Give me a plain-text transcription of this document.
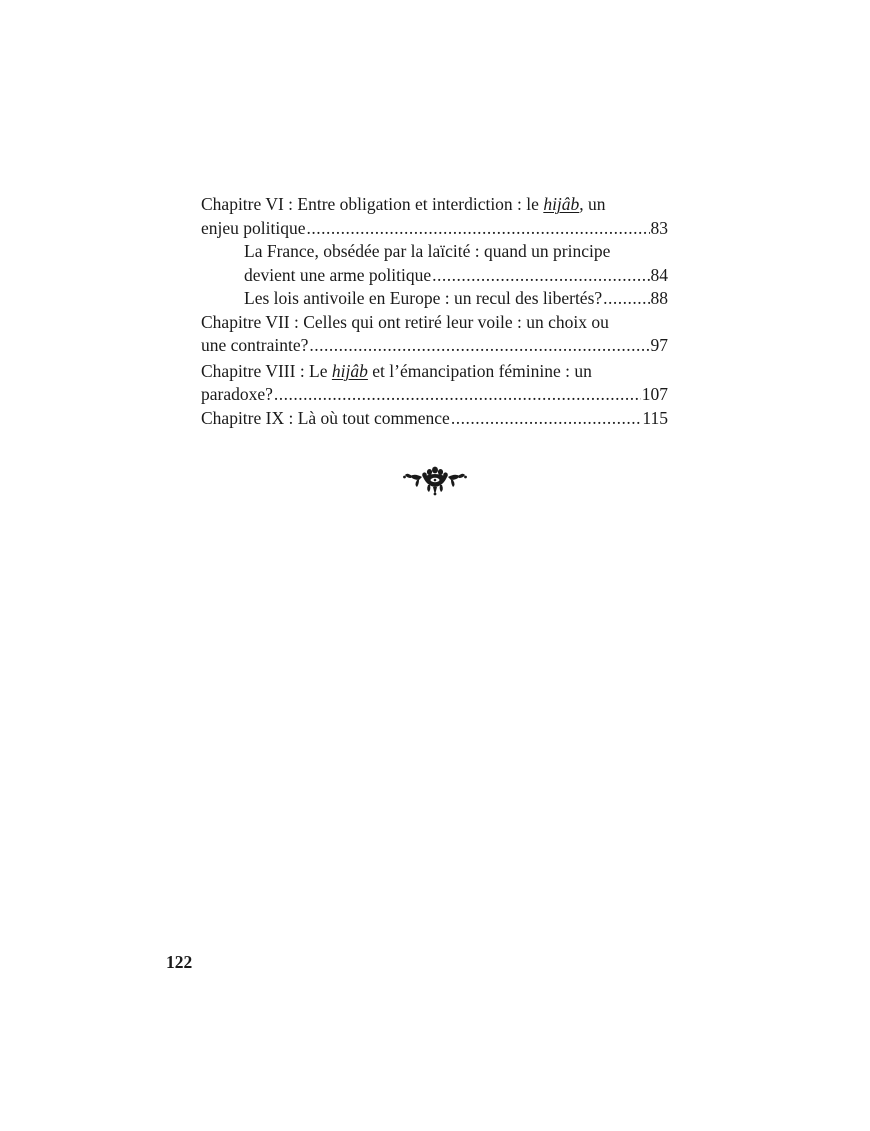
Chapitre VI : Entre obligation et interdiction : le hijâb, un
enjeu politique .....	83
La France, obsédée par la laïcité : quand un principe
devient une arme politique .....	84
Les lois antivoile en Europe : un recul des libertés? .....	88
Chapitre VII : Celles qui ont retiré leur voile : un choix ou
une contrainte? .....	97
Chapitre VIII : Le hijâb et l’émancipation féminine : un
paradoxe? .....	107
Chapitre IX : Là où tout commence .....	115
122
